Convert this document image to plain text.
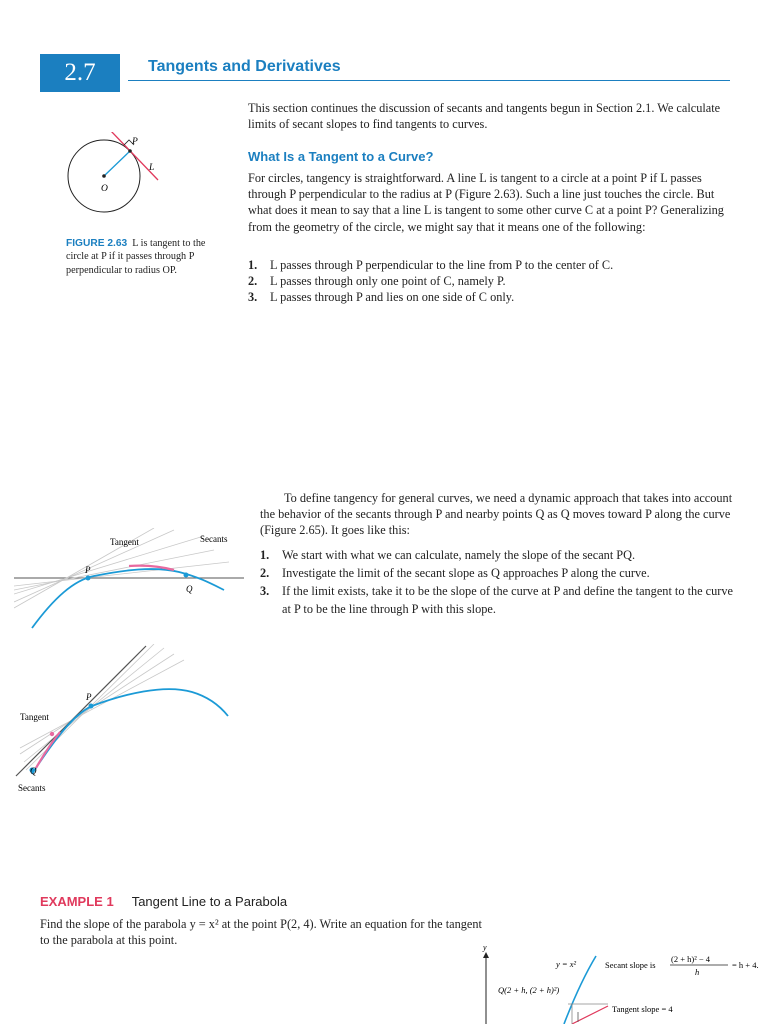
2.7	Tangents and Derivatives
This section continues the discussion of secants and tangents begun in Section 2.1. We calculate limits of secant slopes to find tangents to curves.
What Is a Tangent to a Curve?
For circles, tangency is straightforward. A line L is tangent to a circle at a point P if L passes through P perpendicular to the radius at P (Figure 2.63). Such a line just touches the circle. But what does it mean to say that a line L is tangent to some other curve C at a point P? Generalizing from the geometry of the circle, we might say that it means one of the following:
1. L passes through P perpendicular to the line from P to the center of C.
2. L passes through only one point of C, namely P.
3. L passes through P and lies on one side of C only.
P
L
O
FIGURE 2.63 L is tangent to the circle at P if it passes through P perpendicular to radius OP.
To define tangency for general curves, we need a dynamic approach that takes into account the behavior of the secants through P and nearby points Q as Q moves toward P along the curve (Figure 2.65). It goes like this:
1. We start with what we can calculate, namely the slope of the secant PQ.
2. Investigate the limit of the secant slope as Q approaches P along the curve.
3. If the limit exists, take it to be the slope of the curve at P and define the tangent to the curve at P to be the line through P with this slope.
Tangent	Secants
P
Q
P
Tangent
Q
Secants
EXAMPLE 1 Tangent Line to a Parabola
Find the slope of the parabola y = x² at the point P(2, 4). Write an equation for the tangent to the parabola at this point.
y
y = x²
Q(2 + h, (2 + h)²)
Secant slope is
(2 + h)² − 4
h
= h + 4.
Tangent slope = 4
